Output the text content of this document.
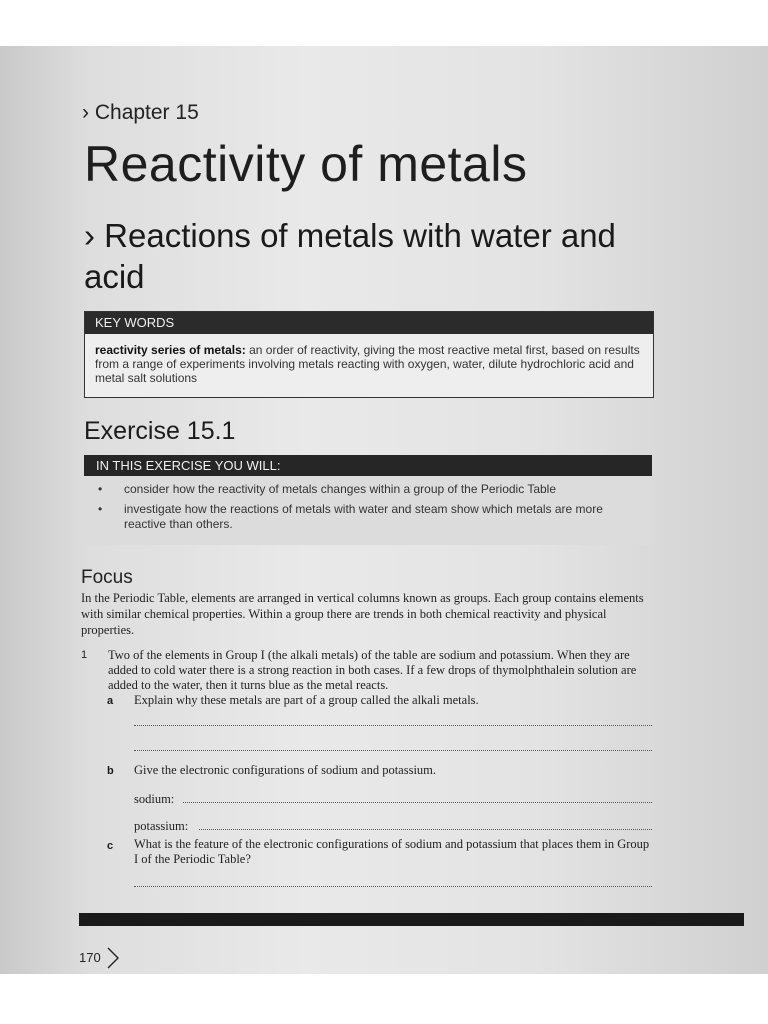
› Chapter 15
Reactivity of metals
› Reactions of metals with water and acid
KEY WORDS
reactivity series of metals: an order of reactivity, giving the most reactive metal first, based on results from a range of experiments involving metals reacting with oxygen, water, dilute hydrochloric acid and metal salt solutions
Exercise 15.1
IN THIS EXERCISE YOU WILL:
• consider how the reactivity of metals changes within a group of the Periodic Table
• investigate how the reactions of metals with water and steam show which metals are more reactive than others.
Focus
In the Periodic Table, elements are arranged in vertical columns known as groups. Each group contains elements with similar chemical properties. Within a group there are trends in both chemical reactivity and physical properties.
1 Two of the elements in Group I (the alkali metals) of the table are sodium and potassium. When they are added to cold water there is a strong reaction in both cases. If a few drops of thymolphthalein solution are added to the water, then it turns blue as the metal reacts.
a Explain why these metals are part of a group called the alkali metals.
b Give the electronic configurations of sodium and potassium.
sodium:
potassium:
c What is the feature of the electronic configurations of sodium and potassium that places them in Group I of the Periodic Table?
170
